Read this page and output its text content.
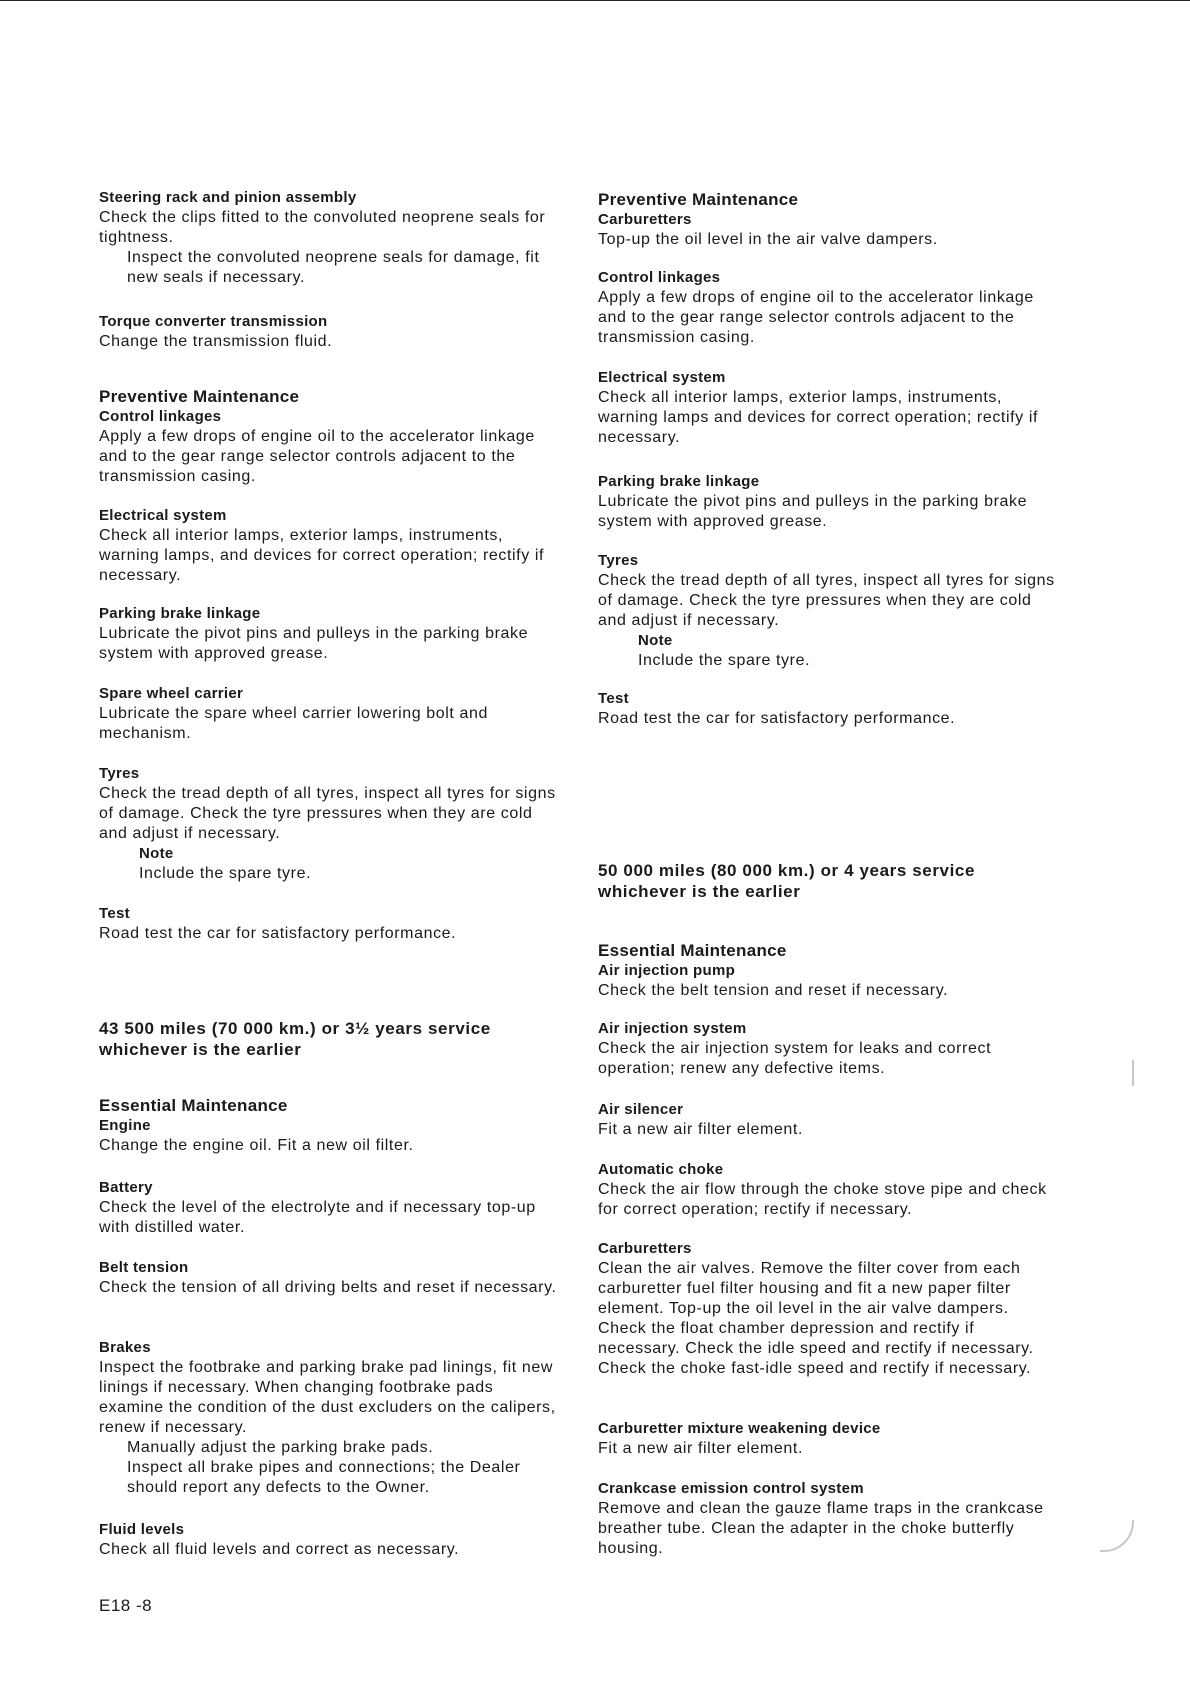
Steering rack and pinion assembly

Check the clips fitted to the convoluted neoprene seals for tightness.

Inspect the convoluted neoprene seals for damage, fit new seals if necessary.

Torque converter transmission

Change the transmission fluid.

Preventive Maintenance

Control linkages

Apply a few drops of engine oil to the accelerator linkage and to the gear range selector controls adjacent to the transmission casing.

Electrical system

Check all interior lamps, exterior lamps, instruments, warning lamps, and devices for correct operation; rectify if necessary.

Parking brake linkage

Lubricate the pivot pins and pulleys in the parking brake system with approved grease.

Spare wheel carrier

Lubricate the spare wheel carrier lowering bolt and mechanism.

Tyres

Check the tread depth of all tyres, inspect all tyres for signs of damage. Check the tyre pressures when they are cold and adjust if necessary.

Note

Include the spare tyre.

Test

Road test the car for satisfactory performance.

43 500 miles (70 000 km.) or 3½ years service

whichever is the earlier

Essential Maintenance

Engine

Change the engine oil. Fit a new oil filter.

Battery

Check the level of the electrolyte and if necessary top-up with distilled water.

Belt tension

Check the tension of all driving belts and reset if necessary.

Brakes

Inspect the footbrake and parking brake pad linings, fit new linings if necessary. When changing footbrake pads examine the condition of the dust excluders on the calipers, renew if necessary.

Manually adjust the parking brake pads.

Inspect all brake pipes and connections; the Dealer should report any defects to the Owner.

Fluid levels

Check all fluid levels and correct as necessary.

Preventive Maintenance

Carburetters

Top-up the oil level in the air valve dampers.

Control linkages

Apply a few drops of engine oil to the accelerator linkage and to the gear range selector controls adjacent to the transmission casing.

Electrical system

Check all interior lamps, exterior lamps, instruments, warning lamps and devices for correct operation; rectify if necessary.

Parking brake linkage

Lubricate the pivot pins and pulleys in the parking brake system with approved grease.

Tyres

Check the tread depth of all tyres, inspect all tyres for signs of damage. Check the tyre pressures when they are cold and adjust if necessary.

Note

Include the spare tyre.

Test

Road test the car for satisfactory performance.

50 000 miles (80 000 km.) or 4 years service

whichever is the earlier

Essential Maintenance

Air injection pump

Check the belt tension and reset if necessary.

Air injection system

Check the air injection system for leaks and correct operation; renew any defective items.

Air silencer

Fit a new air filter element.

Automatic choke

Check the air flow through the choke stove pipe and check for correct operation; rectify if necessary.

Carburetters

Clean the air valves. Remove the filter cover from each carburetter fuel filter housing and fit a new paper filter element. Top-up the oil level in the air valve dampers. Check the float chamber depression and rectify if necessary. Check the idle speed and rectify if necessary. Check the choke fast-idle speed and rectify if necessary.

Carburetter mixture weakening device

Fit a new air filter element.

Crankcase emission control system

Remove and clean the gauze flame traps in the crankcase breather tube. Clean the adapter in the choke butterfly housing.

E18 -8
